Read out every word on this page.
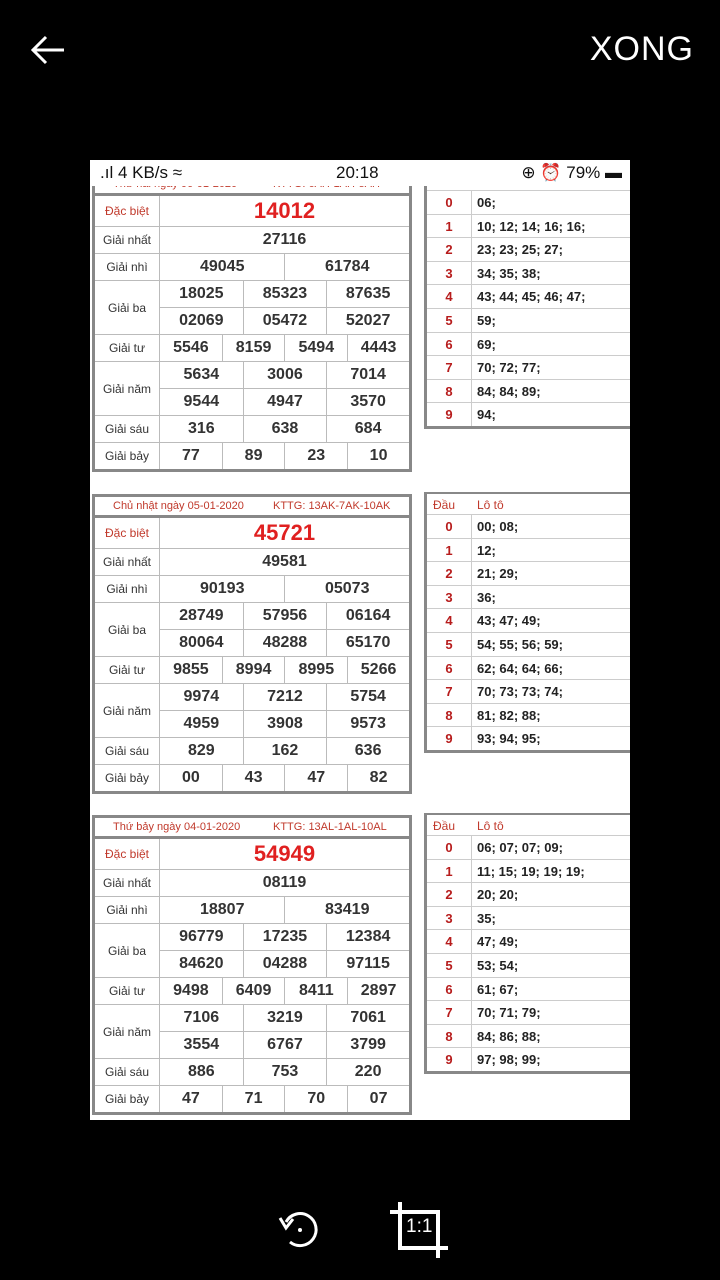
XONG
.ıl 4 KB/s ≈	20:18	⊕ ⏰ 79% ▬
Đặc biệt	14012					
Giải nhất	27116					
Giải nhì	49045			61784		
Giải ba	18025		85323		87635	
	02069		05472		52027	
Giải tư	5546	8159		5494		4443
Giải năm	5634		3006		7014	
	9544		4947		3570	
Giải sáu	316		638		684	
Giải bảy	77	89		23		10
0	06;
1	10; 12; 14; 16; 16;
2	23; 23; 25; 27;
3	34; 35; 38;
4	43; 44; 45; 46; 47;
5	59;
6	69;
7	70; 72; 77;
8	84; 84; 89;
9	94;
Chủ nhật ngày 05-01-2020	KTTG: 13AK-7AK-10AK
Đặc biệt	45721					
Giải nhất	49581					
Giải nhì	90193			05073		
Giải ba	28749		57956		06164	
	80064		48288		65170	
Giải tư	9855	8994		8995		5266
Giải năm	9974		7212		5754	
	4959		3908		9573	
Giải sáu	829		162		636	
Giải bảy	00	43		47		82
Đầu Lô tô
0	00; 08;
1	12;
2	21; 29;
3	36;
4	43; 47; 49;
5	54; 55; 56; 59;
6	62; 64; 64; 66;
7	70; 73; 73; 74;
8	81; 82; 88;
9	93; 94; 95;
Thứ bảy ngày 04-01-2020	KTTG: 13AL-1AL-10AL
Đặc biệt	54949					
Giải nhất	08119					
Giải nhì	18807			83419		
Giải ba	96779		17235		12384	
	84620		04288		97115	
Giải tư	9498	6409		8411		2897
Giải năm	7106		3219		7061	
	3554		6767		3799	
Giải sáu	886		753		220	
Giải bảy	47	71		70		07
Đầu Lô tô
0	06; 07; 07; 09;
1	11; 15; 19; 19; 19;
2	20; 20;
3	35;
4	47; 49;
5	53; 54;
6	61; 67;
7	70; 71; 79;
8	84; 86; 88;
9	97; 98; 99;
1:1
